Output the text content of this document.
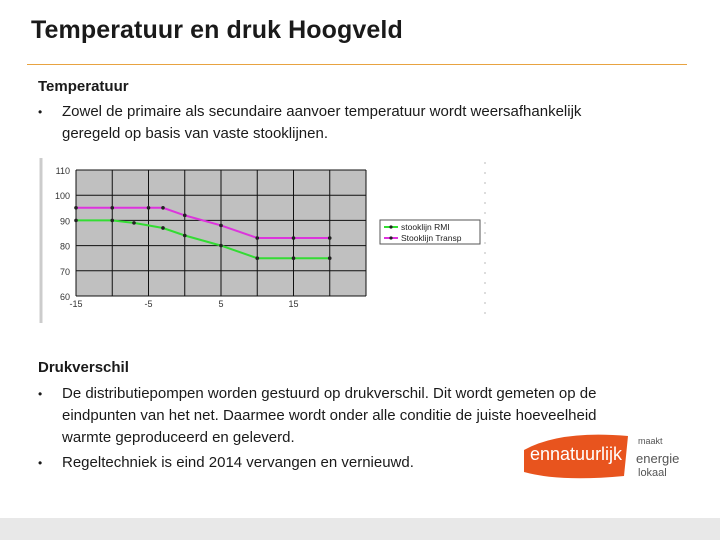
Temperatuur en druk Hoogveld
Temperatuur
• Zowel de primaire als secundaire aanvoer temperatuur wordt weersafhankelijk
geregeld op basis van vaste stooklijnen.
60
70
80
90
100
110
-15	-5	5	15
stooklijn RMI
Stooklijn Transp
Drukverschil
• De distributiepompen worden gestuurd op drukverschil. Dit wordt gemeten op de
eindpunten van het net. Daarmee wordt onder alle conditie de juiste hoeveelheid
warmte geproduceerd en geleverd.
• Regeltechniek is eind 2014 vervangen en vernieuwd.	ennatuurlijk
maakt
energie
lokaal
